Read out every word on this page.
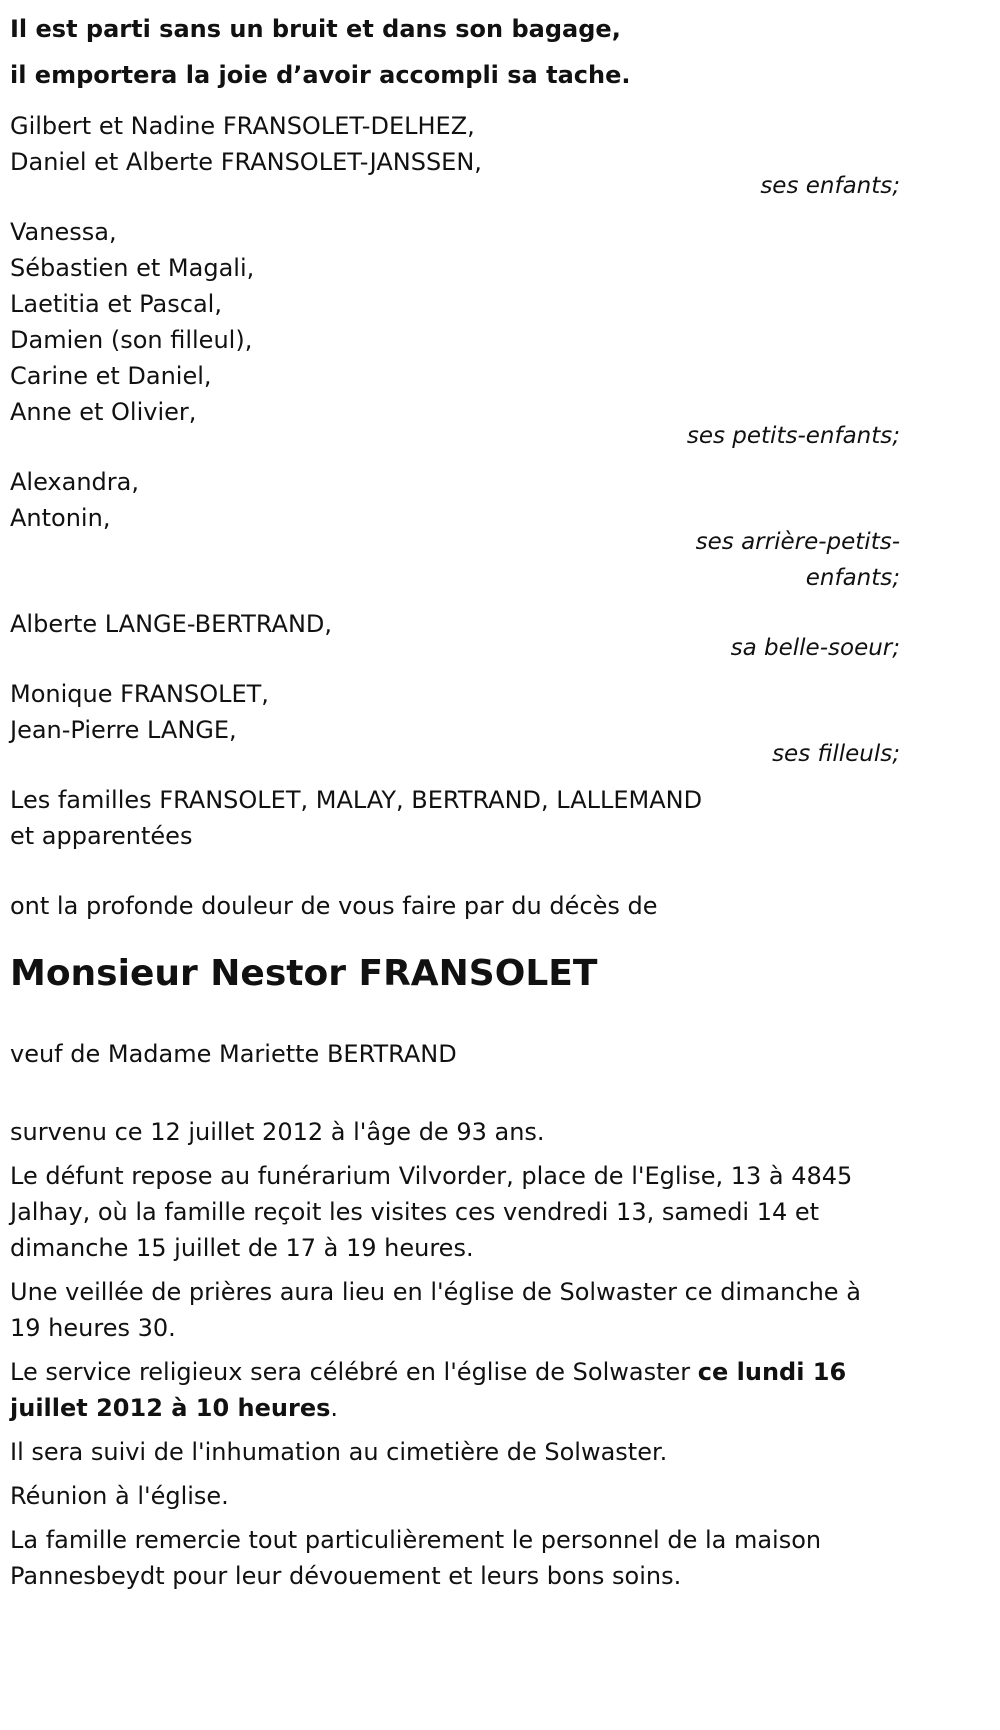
Il est parti sans un bruit et dans son bagage,
il emportera la joie d’avoir accompli sa tache.
Gilbert et Nadine FRANSOLET-DELHEZ,
Daniel et Alberte FRANSOLET-JANSSEN,
ses enfants;
Vanessa,
Sébastien et Magali,
Laetitia et Pascal,
Damien (son filleul),
Carine et Daniel,
Anne et Olivier,
ses petits-enfants;
Alexandra,
Antonin,
ses arrière-petits-
enfants;
Alberte LANGE-BERTRAND,
sa belle-soeur;
Monique FRANSOLET,
Jean-Pierre LANGE,
ses filleuls;
Les familles FRANSOLET, MALAY, BERTRAND, LALLEMAND
et apparentées
ont la profonde douleur de vous faire par du décès de
Monsieur Nestor FRANSOLET
veuf de Madame Mariette BERTRAND

survenu ce 12 juillet 2012 à l'âge de 93 ans.

Le défunt repose au funérarium Vilvorder, place de l'Eglise, 13 à 4845 Jalhay, où la famille reçoit les visites ces vendredi 13, samedi 14 et dimanche 15 juillet de 17 à 19 heures.

Une veillée de prières aura lieu en l'église de Solwaster ce dimanche à 19 heures 30.

Le service religieux sera célébré en l'église de Solwaster ce lundi 16 juillet 2012 à 10 heures.

Il sera suivi de l'inhumation au cimetière de Solwaster.

Réunion à l'église.

La famille remercie tout particulièrement le personnel de la maison Pannesbeydt pour leur dévouement et leurs bons soins.
